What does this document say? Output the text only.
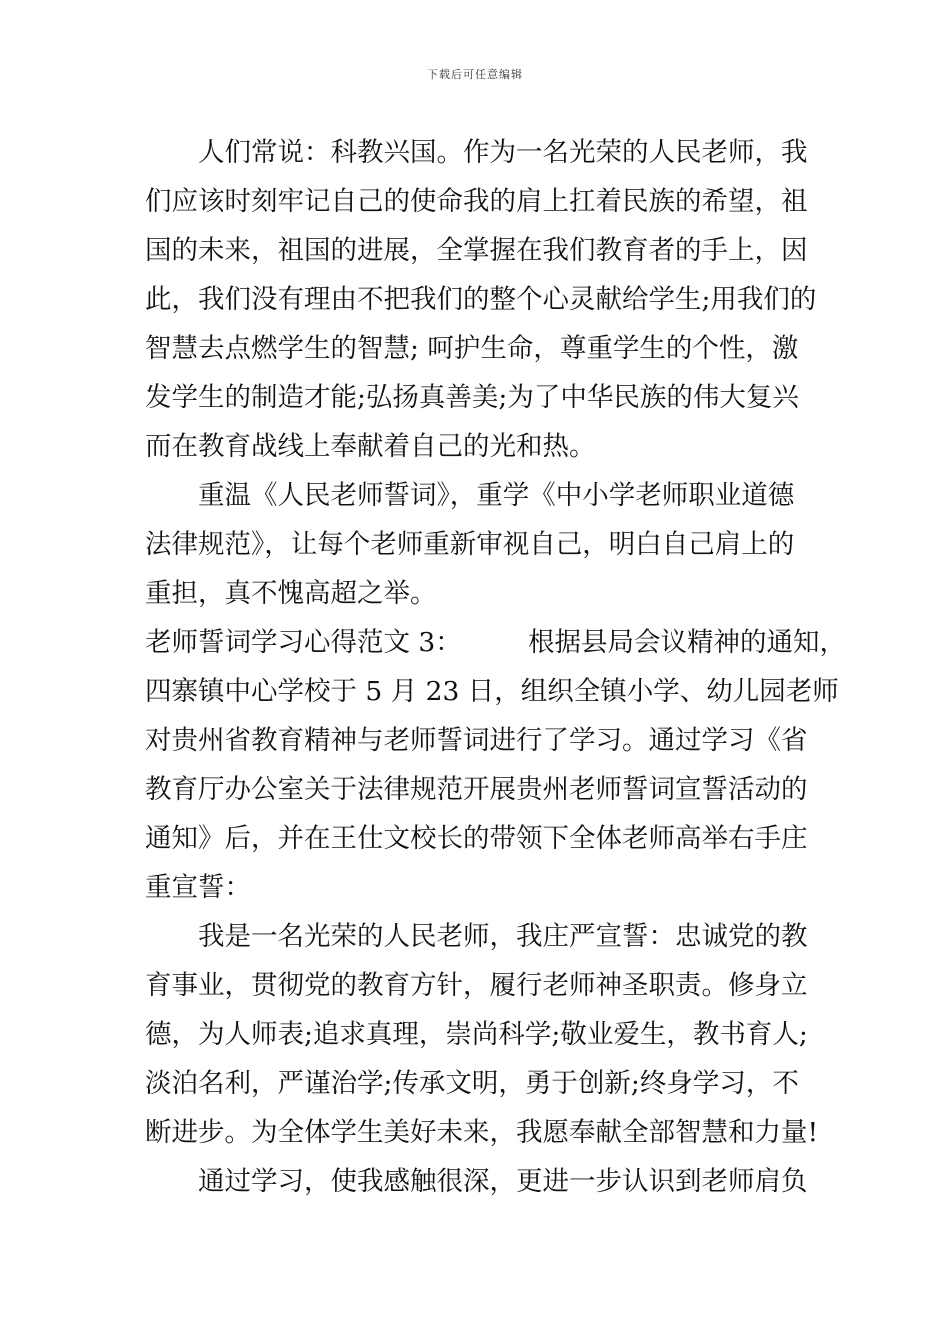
下载后可任意编辑
人们常说：科教兴国。作为一名光荣的人民老师，我
们应该时刻牢记自己的使命我的肩上扛着民族的希望，祖
国的未来，祖国的进展，全掌握在我们教育者的手上，因
此，我们没有理由不把我们的整个心灵献给学生;用我们的
智慧去点燃学生的智慧; 呵护生命，尊重学生的个性，激
发学生的制造才能;弘扬真善美;为了中华民族的伟大复兴
而在教育战线上奉献着自己的光和热。
重温《人民老师誓词》，重学《中小学老师职业道德
法律规范》，让每个老师重新审视自己，明白自己肩上的
重担，真不愧高超之举。
老师誓词学习心得范文 3：　　　根据县局会议精神的通知，
四寨镇中心学校于 5 月 23 日，组织全镇小学、幼儿园老师
对贵州省教育精神与老师誓词进行了学习。通过学习《省
教育厅办公室关于法律规范开展贵州老师誓词宣誓活动的
通知》后，并在王仕文校长的带领下全体老师高举右手庄
重宣誓：
我是一名光荣的人民老师，我庄严宣誓：忠诚党的教
育事业，贯彻党的教育方针，履行老师神圣职责。修身立
德，为人师表;追求真理，崇尚科学;敬业爱生，教书育人;
淡泊名利，严谨治学;传承文明，勇于创新;终身学习，不
断进步。为全体学生美好未来，我愿奉献全部智慧和力量!
通过学习，使我感触很深，更进一步认识到老师肩负
